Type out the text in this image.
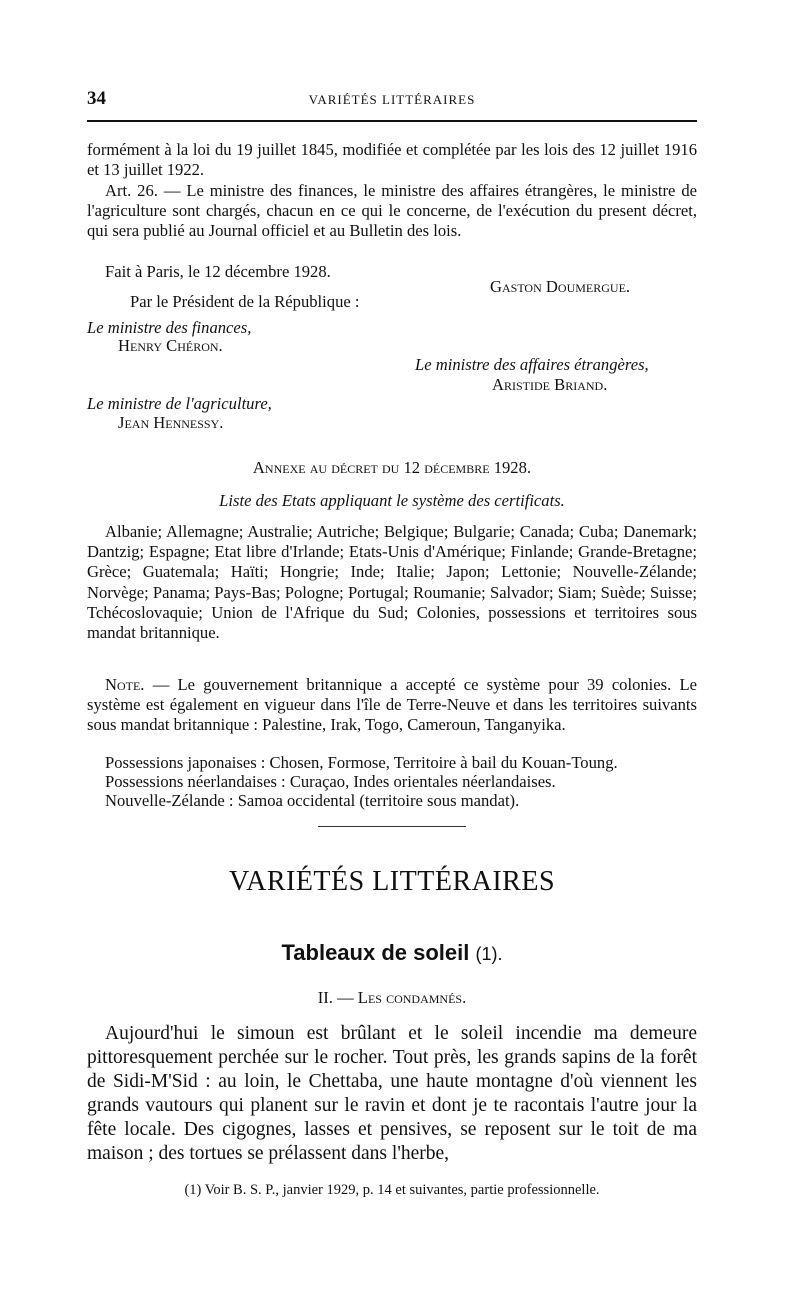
34	VARIÉTÉS LITTÉRAIRES

formément à la loi du 19 juillet 1845, modifiée et complétée par les lois des 12 juillet 1916 et 13 juillet 1922.

Art. 26. — Le ministre des finances, le ministre des affaires étrangères, le ministre de l'agriculture sont chargés, chacun en ce qui le concerne, de l'exécution du present décret, qui sera publié au Journal officiel et au Bulletin des lois.

Fait à Paris, le 12 décembre 1928.

Gaston Doumergue.

Par le Président de la République :

Le ministre des finances,

Henry Chéron.

Le ministre des affaires étrangères,

Aristide Briand.

Le ministre de l'agriculture,

Jean Hennessy.

Annexe au décret du 12 décembre 1928.

Liste des Etats appliquant le système des certificats.

Albanie; Allemagne; Australie; Autriche; Belgique; Bulgarie; Canada; Cuba; Danemark; Dantzig; Espagne; Etat libre d'Irlande; Etats-Unis d'Amérique; Finlande; Grande-Bretagne; Grèce; Guatemala; Haïti; Hongrie; Inde; Italie; Japon; Lettonie; Nouvelle-Zélande; Norvège; Panama; Pays-Bas; Pologne; Portugal; Roumanie; Salvador; Siam; Suède; Suisse; Tchécoslovaquie; Union de l'Afrique du Sud; Colonies, possessions et territoires sous mandat britannique.

Note. — Le gouvernement britannique a accepté ce système pour 39 colonies. Le système est également en vigueur dans l'île de Terre-Neuve et dans les territoires suivants sous mandat britannique : Palestine, Irak, Togo, Cameroun, Tanganyika.

Possessions japonaises : Chosen, Formose, Territoire à bail du Kouan-Toung.

Possessions néerlandaises : Curaçao, Indes orientales néerlandaises.

Nouvelle-Zélande : Samoa occidental (territoire sous mandat).

VARIÉTÉS LITTÉRAIRES

Tableaux de soleil (1).

II. — Les condamnés.

Aujourd'hui le simoun est brûlant et le soleil incendie ma demeure pittoresquement perchée sur le rocher. Tout près, les grands sapins de la forêt de Sidi-M'Sid : au loin, le Chettaba, une haute montagne d'où viennent les grands vautours qui planent sur le ravin et dont je te racontais l'autre jour la fête locale. Des cigognes, lasses et pensives, se reposent sur le toit de ma maison ; des tortues se prélassent dans l'herbe,

(1) Voir B. S. P., janvier 1929, p. 14 et suivantes, partie professionnelle.
